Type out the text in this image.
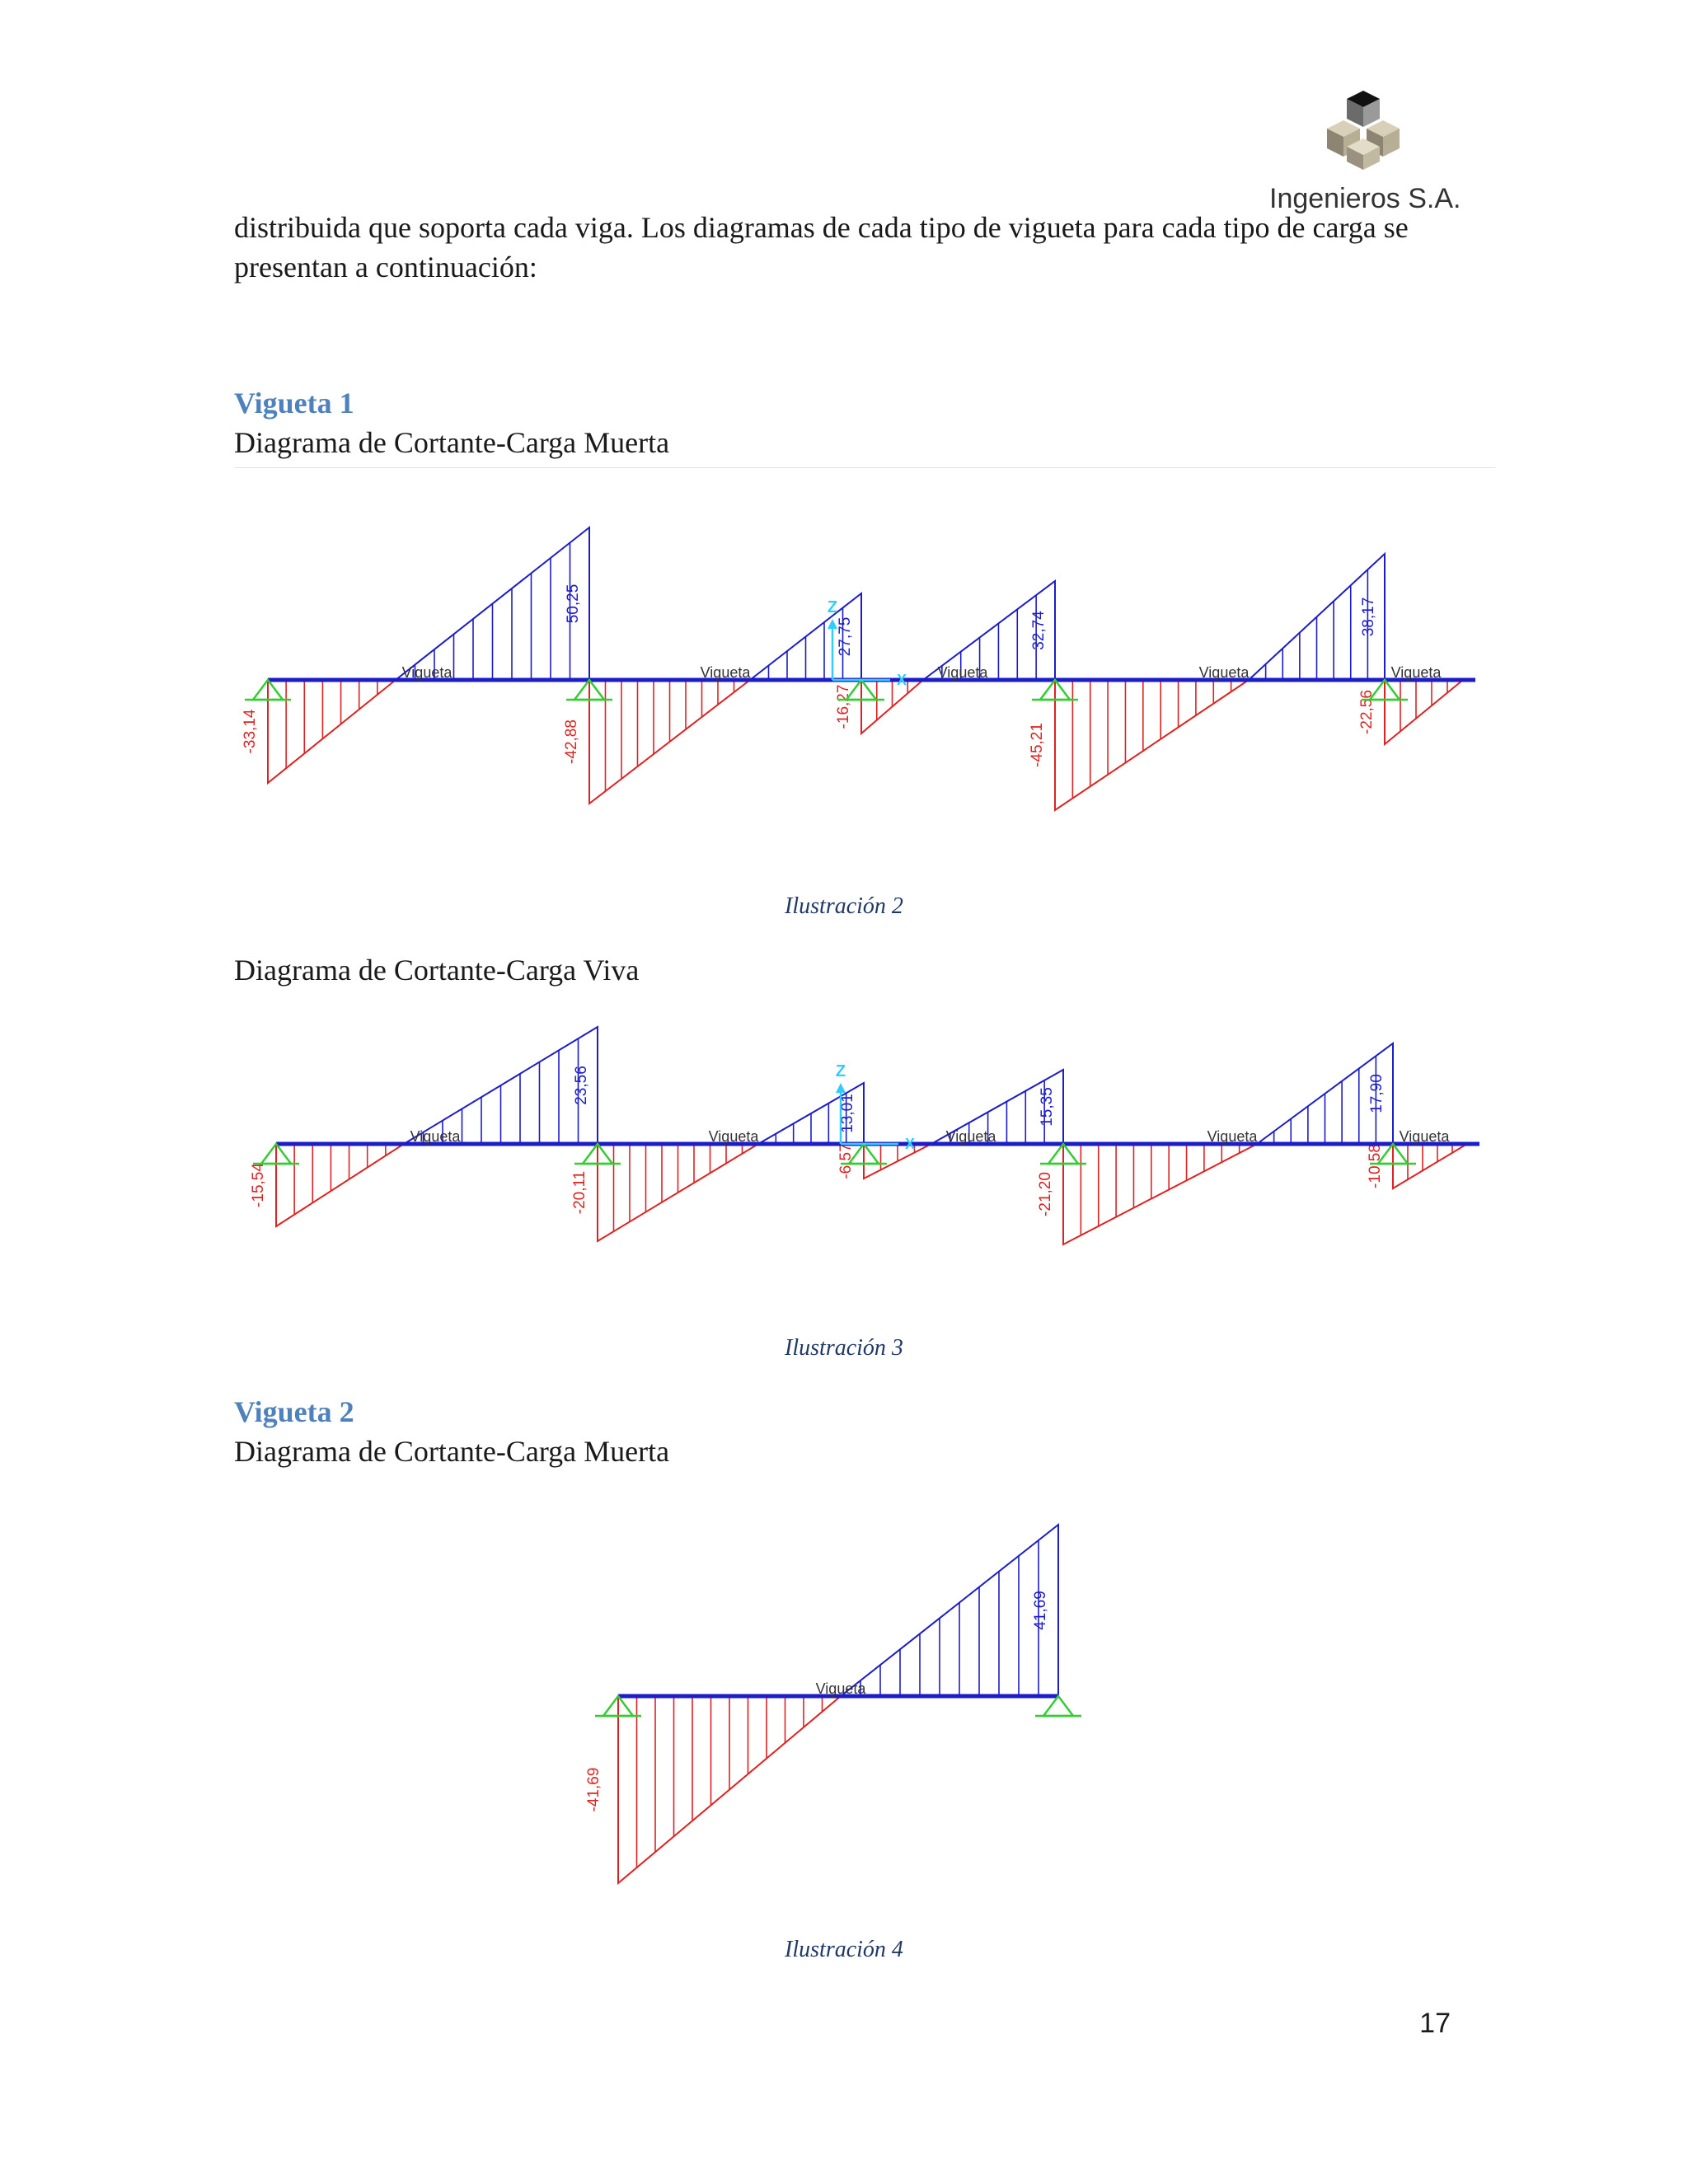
Ingenieros S.A.

distribuida que soporta cada viga. Los diagramas de cada tipo de vigueta para cada tipo de carga se presentan a continuación:

Vigueta 1

Diagrama de Cortante-Carga Muerta

-33,14
50,25
-42,88
27,75
-16,27
32,74
-45,21
38,17
-22,56
Vigueta	Vigueta	Vigueta	Vigueta	Vigueta
Z
X
Ilustración 2

Diagrama de Cortante-Carga Viva

-15,54
23,56
-20,11
13,01
-6,57
15,35
-21,20
17,90
-10,58
Vigueta	Vigueta	Vigueta	Vigueta	Vigueta
Z
X
Ilustración 3
Vigueta 2

Diagrama de Cortante-Carga Muerta

-41,69
41,69
Vigueta
Ilustración 4
17
